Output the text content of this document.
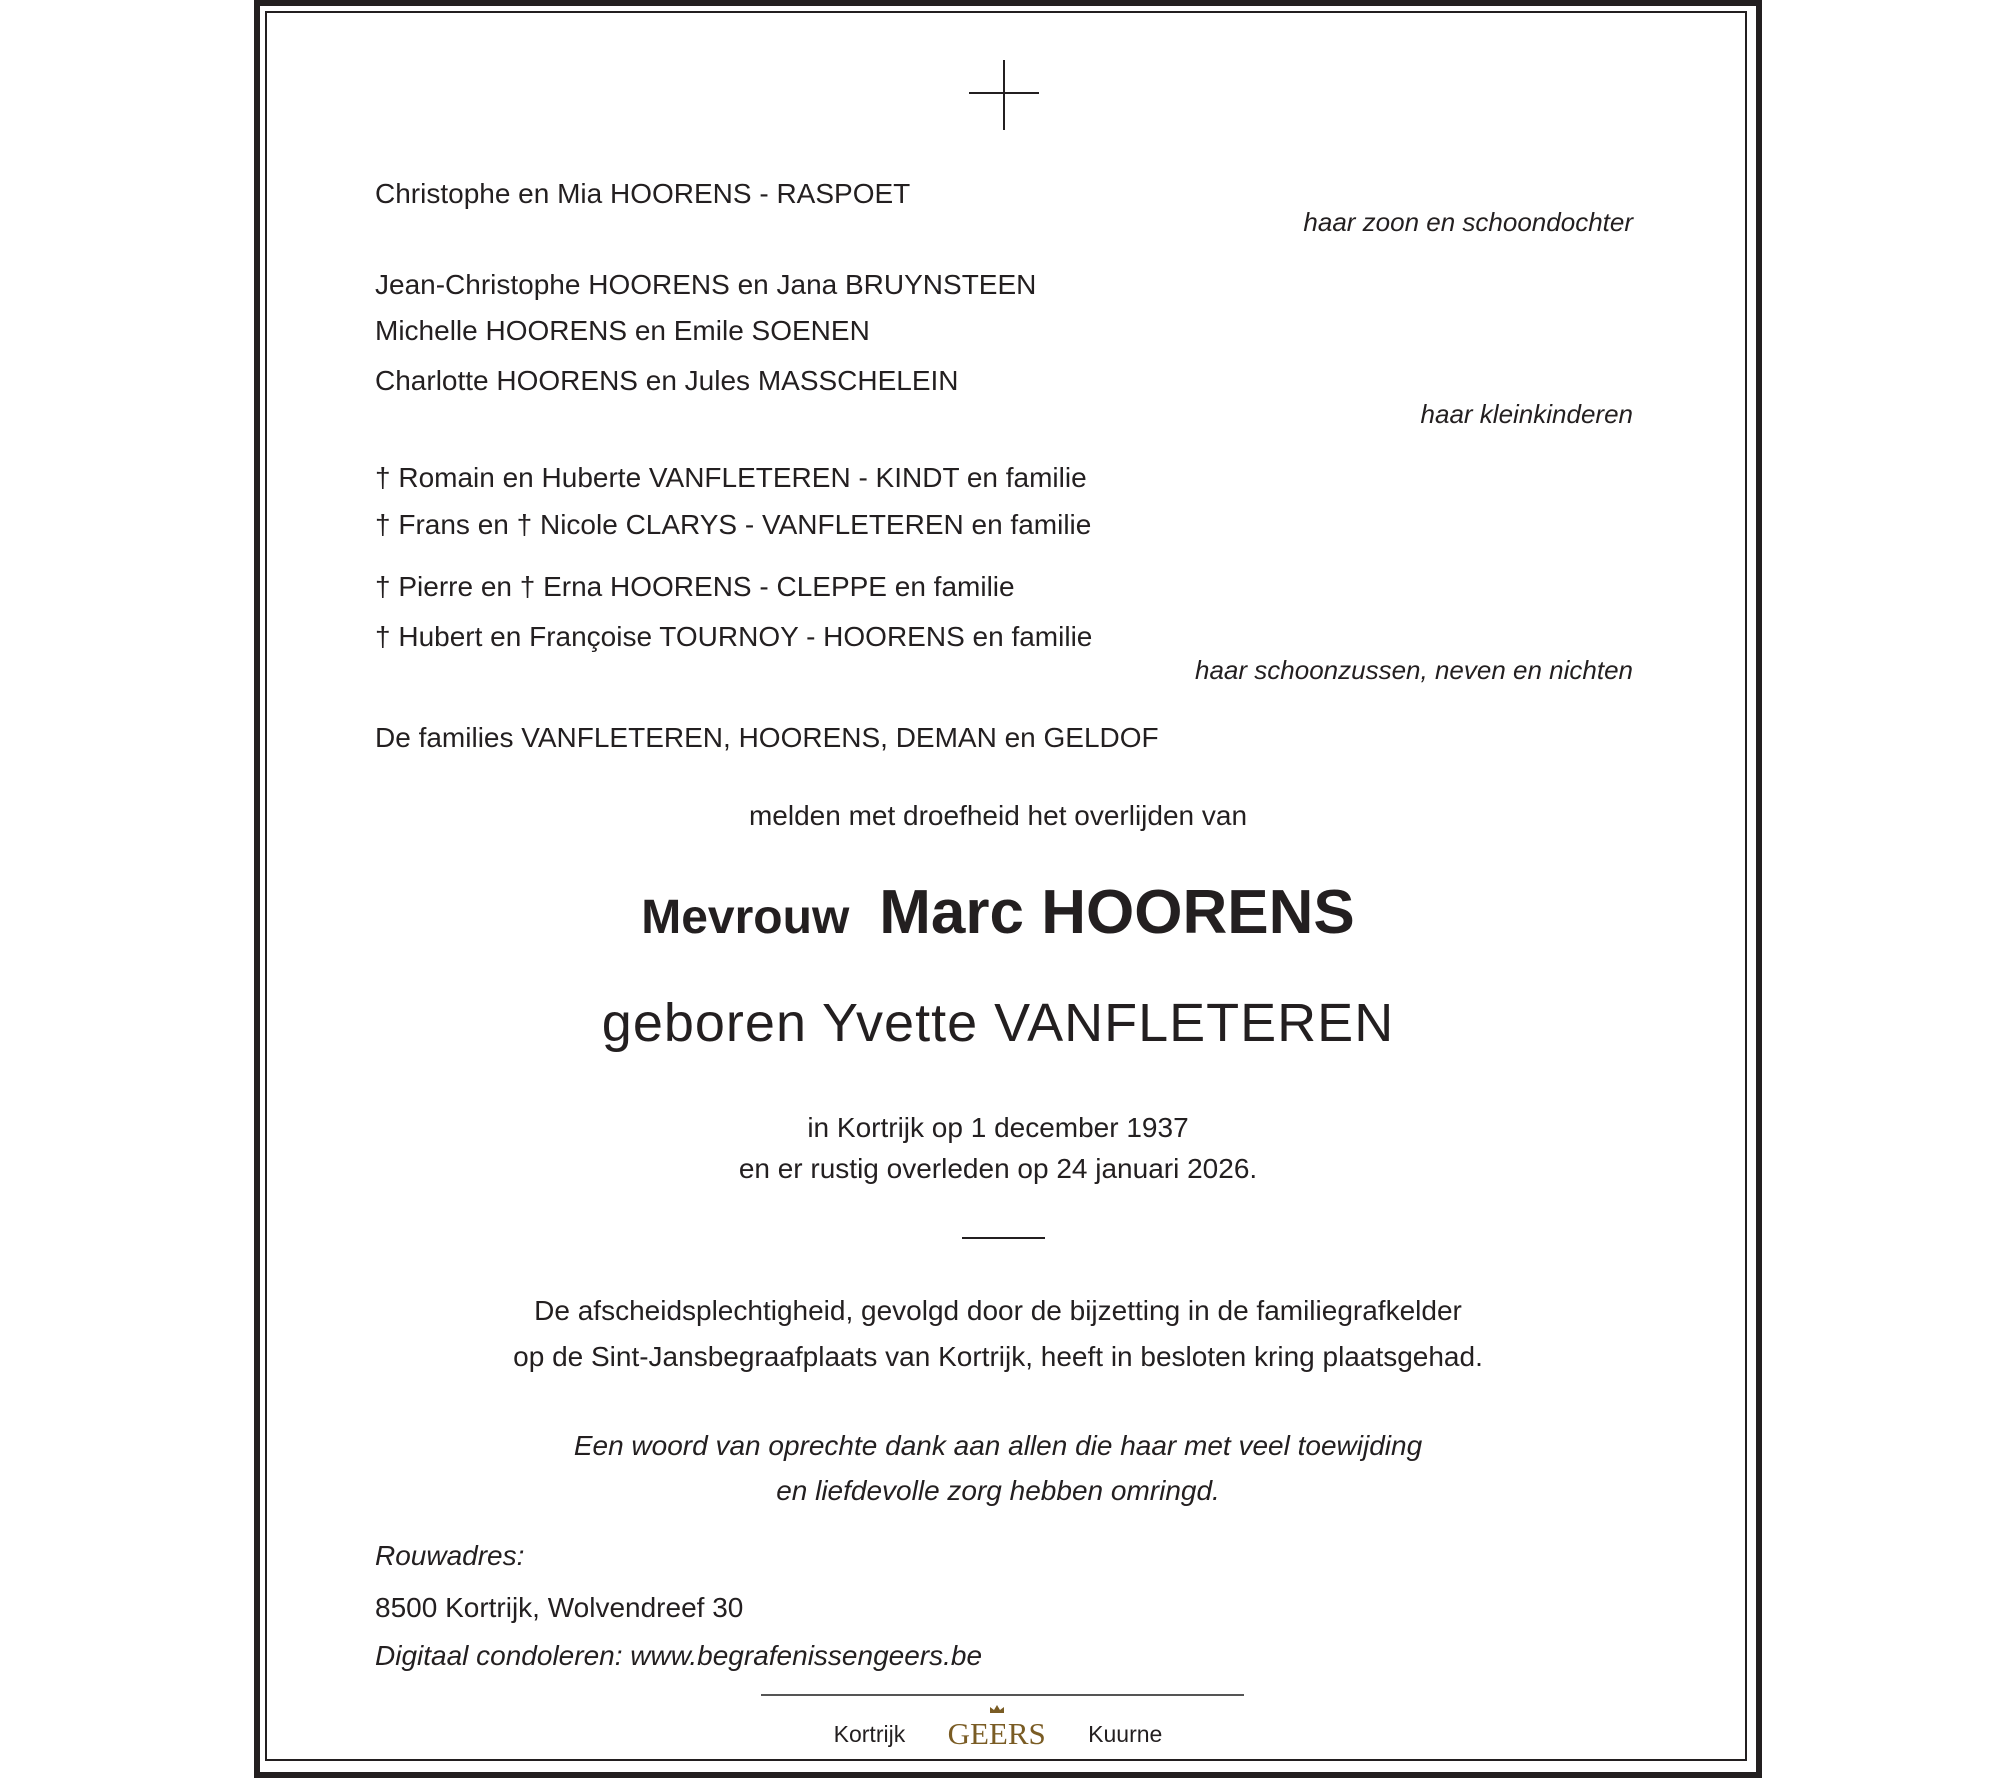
Christophe en Mia HOORENS - RASPOET
haar zoon en schoondochter
Jean-Christophe HOORENS en Jana BRUYNSTEEN
Michelle HOORENS en Emile SOENEN
Charlotte HOORENS en Jules MASSCHELEIN
haar kleinkinderen
† Romain en Huberte VANFLETEREN - KINDT en familie
† Frans en † Nicole CLARYS - VANFLETEREN en familie
† Pierre en † Erna HOORENS - CLEPPE en familie
† Hubert en Françoise TOURNOY - HOORENS en familie
haar schoonzussen, neven en nichten
De families VANFLETEREN, HOORENS, DEMAN en GELDOF
melden met droefheid het overlijden van
Mevrouw Marc HOORENS
geboren Yvette VANFLETEREN
in Kortrijk op 1 december 1937
en er rustig overleden op 24 januari 2026.
De afscheidsplechtigheid, gevolgd door de bijzetting in de familiegrafkelder
op de Sint-Jansbegraafplaats van Kortrijk, heeft in besloten kring plaatsgehad.
Een woord van oprechte dank aan allen die haar met veel toewijding
en liefdevolle zorg hebben omringd.
Rouwadres:
8500 Kortrijk, Wolvendreef 30
Digitaal condoleren: www.begrafenissengeers.be
Kortrijk GEERS Kuurne
